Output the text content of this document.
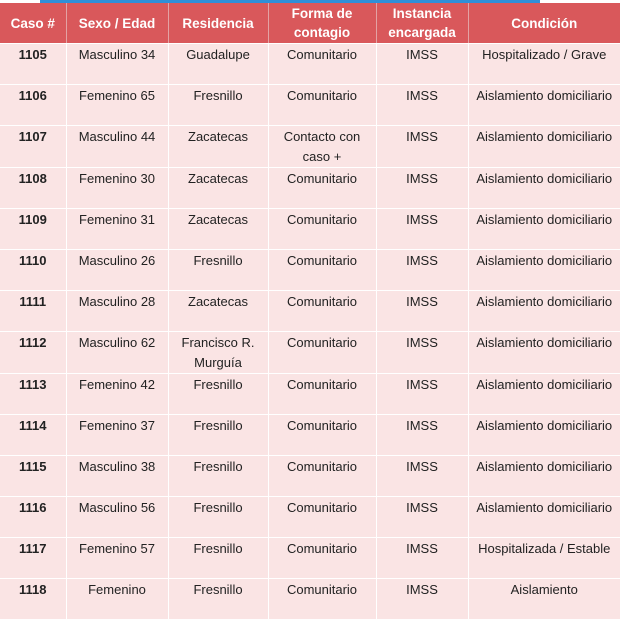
Caso #	Sexo / Edad	Residencia	Forma de contagio	Instancia encargada	Condición
1105	Masculino 34	Guadalupe	Comunitario	IMSS	Hospitalizado / Grave
1106	Femenino 65	Fresnillo	Comunitario	IMSS	Aislamiento domiciliario
1107	Masculino 44	Zacatecas	Contacto con caso +	IMSS	Aislamiento domiciliario
1108	Femenino 30	Zacatecas	Comunitario	IMSS	Aislamiento domiciliario
1109	Femenino 31	Zacatecas	Comunitario	IMSS	Aislamiento domiciliario
1110	Masculino 26	Fresnillo	Comunitario	IMSS	Aislamiento domiciliario
1111	Masculino 28	Zacatecas	Comunitario	IMSS	Aislamiento domiciliario
1112	Masculino 62	Francisco R. Murguía	Comunitario	IMSS	Aislamiento domiciliario
1113	Femenino 42	Fresnillo	Comunitario	IMSS	Aislamiento domiciliario
1114	Femenino 37	Fresnillo	Comunitario	IMSS	Aislamiento domiciliario
1115	Masculino 38	Fresnillo	Comunitario	IMSS	Aislamiento domiciliario
1116	Masculino 56	Fresnillo	Comunitario	IMSS	Aislamiento domiciliario
1117	Femenino 57	Fresnillo	Comunitario	IMSS	Hospitalizada / Estable
1118	Femenino	Fresnillo	Comunitario	IMSS	Aislamiento
